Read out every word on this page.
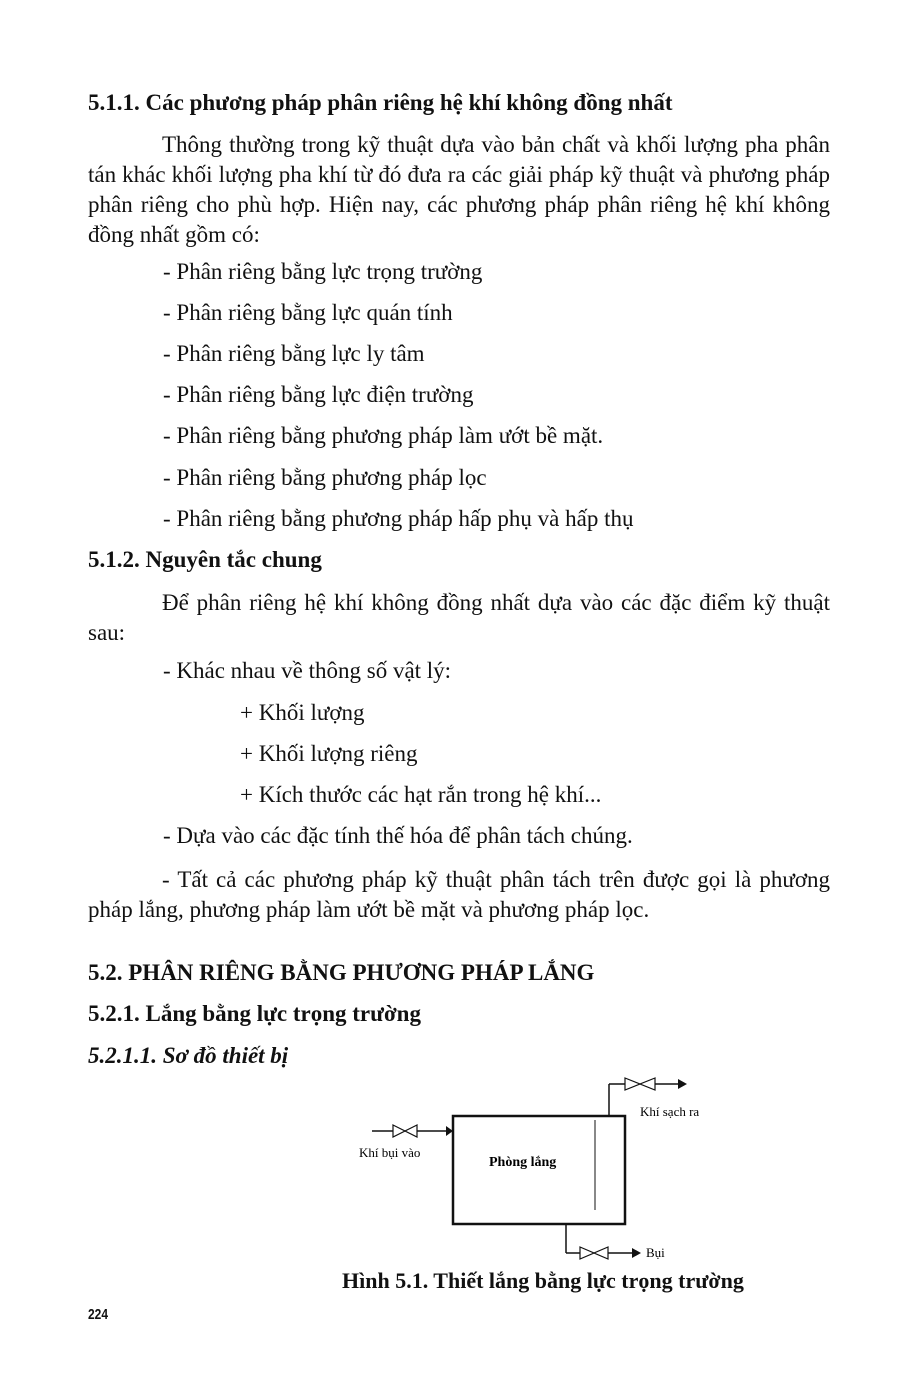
5.1.1. Các phương pháp phân riêng hệ khí không đồng nhất

Thông thường trong kỹ thuật dựa vào bản chất và khối lượng pha phân tán khác khối lượng pha khí từ đó đưa ra các giải pháp kỹ thuật và phương pháp phân riêng cho phù hợp. Hiện nay, các phương pháp phân riêng hệ khí không đồng nhất gồm có:

- Phân riêng bằng lực trọng trường
- Phân riêng bằng lực quán tính
- Phân riêng bằng lực ly tâm
- Phân riêng bằng lực điện trường
- Phân riêng bằng phương pháp làm ướt bề mặt.
- Phân riêng bằng phương pháp lọc
- Phân riêng bằng phương pháp hấp phụ và hấp thụ
5.1.2. Nguyên tắc chung

Để phân riêng hệ khí không đồng nhất dựa vào các đặc điểm kỹ thuật sau:

- Khác nhau về thông số vật lý:
+ Khối lượng
+ Khối lượng riêng
+ Kích thước các hạt rắn trong hệ khí...
- Dựa vào các đặc tính thế hóa để phân tách chúng.

- Tất cả các phương pháp kỹ thuật phân tách trên được gọi là phương pháp lắng, phương pháp làm ướt bề mặt và phương pháp lọc.

5.2. PHÂN RIÊNG BẰNG PHƯƠNG PHÁP LẮNG
5.2.1. Lắng bằng lực trọng trường
5.2.1.1. Sơ đồ thiết bị
Phòng lắng
Khí bụi vào
Khí sạch ra
Bụi
Hình 5.1. Thiết lắng bằng lực trọng trường
224
